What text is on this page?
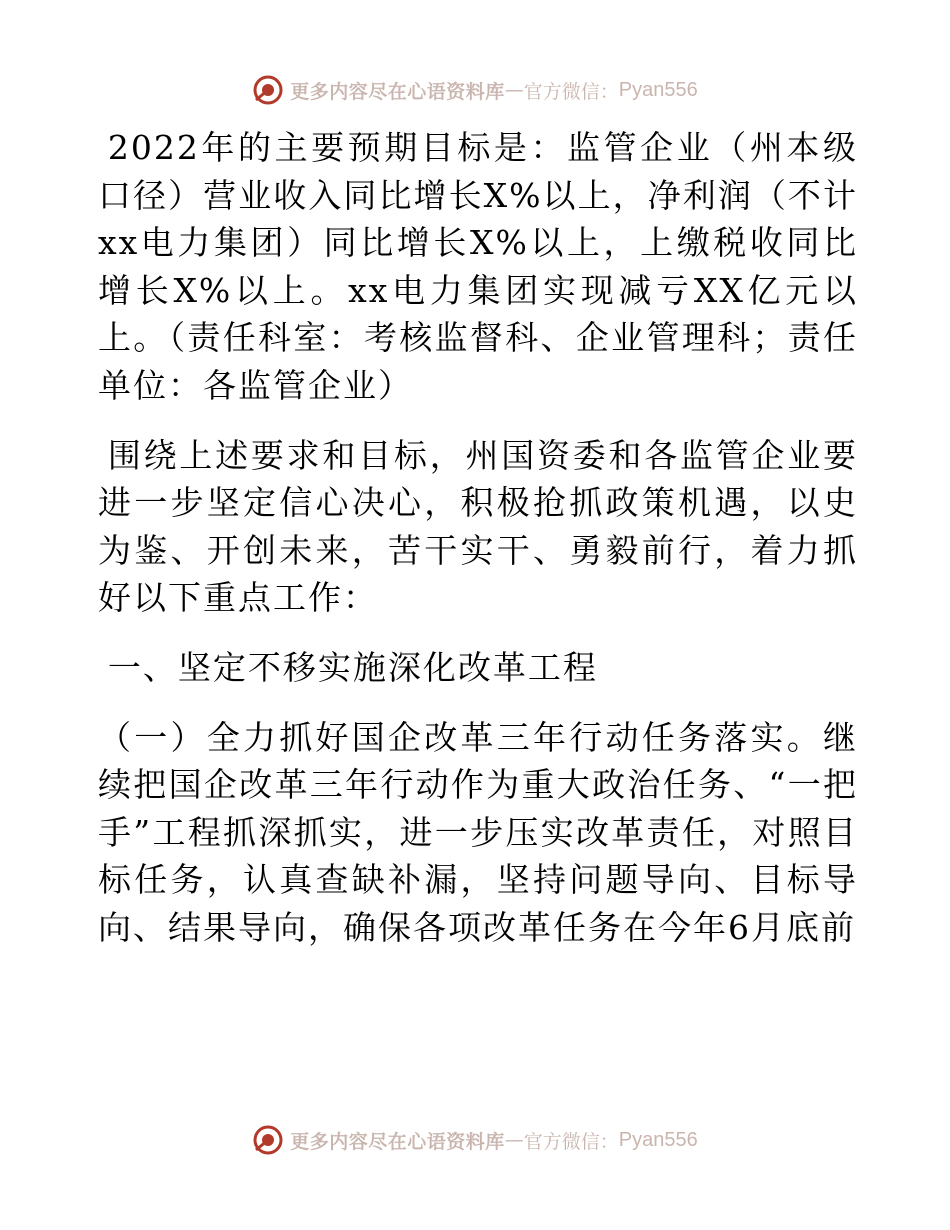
更多内容尽在心语资料库 — 官方微信： Pyan556

2022年的主要预期目标是：监管企业（州本级口径）营业收入同比增长X%以上，净利润（不计xx电力集团）同比增长X%以上，上缴税收同比增长X%以上。xx电力集团实现减亏XX亿元以上。（责任科室：考核监督科、企业管理科；责任单位：各监管企业）

围绕上述要求和目标，州国资委和各监管企业要进一步坚定信心决心，积极抢抓政策机遇，以史为鉴、开创未来，苦干实干、勇毅前行，着力抓好以下重点工作：

一、坚定不移实施深化改革工程

（一）全力抓好国企改革三年行动任务落实。继续把国企改革三年行动作为重大政治任务、“一把手”工程抓深抓实，进一步压实改革责任，对照目标任务，认真查缺补漏，坚持问题导向、目标导向、结果导向，确保各项改革任务在今年6月底前

更多内容尽在心语资料库 — 官方微信： Pyan556
